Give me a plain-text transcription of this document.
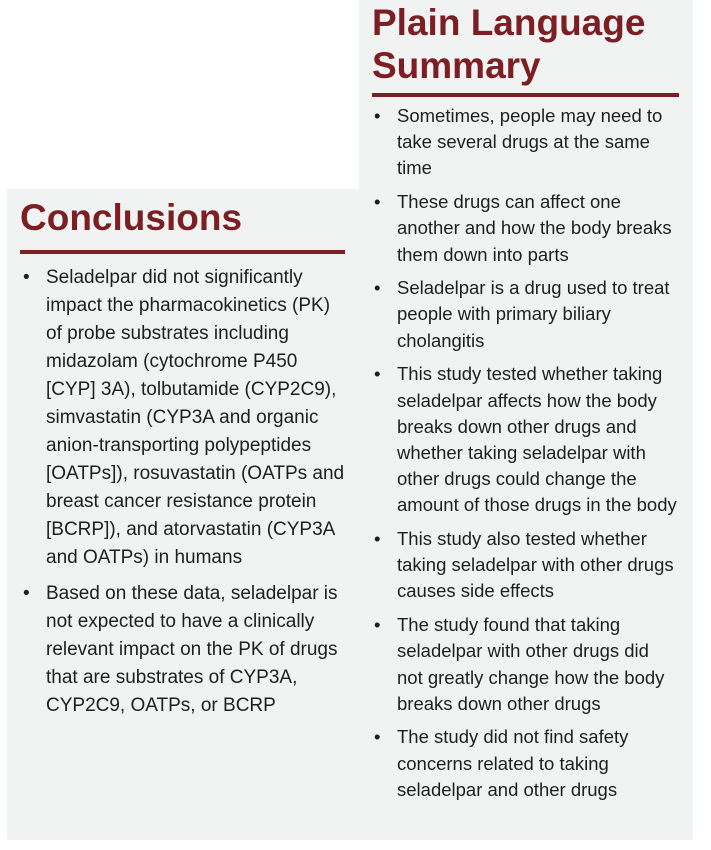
Conclusions
• Seladelpar did not significantly impact the pharmacokinetics (PK) of probe substrates including midazolam (cytochrome P450 [CYP] 3A), tolbutamide (CYP2C9), simvastatin (CYP3A and organic anion-transporting polypeptides [OATPs]), rosuvastatin (OATPs and breast cancer resistance protein [BCRP]), and atorvastatin (CYP3A and OATPs) in humans
• Based on these data, seladelpar is not expected to have a clinically relevant impact on the PK of drugs that are substrates of CYP3A, CYP2C9, OATPs, or BCRP
Plain Language
Summary
• Sometimes, people may need to take several drugs at the same time
• These drugs can affect one another and how the body breaks them down into parts
• Seladelpar is a drug used to treat people with primary biliary cholangitis
• This study tested whether taking seladelpar affects how the body breaks down other drugs and whether taking seladelpar with other drugs could change the amount of those drugs in the body
• This study also tested whether taking seladelpar with other drugs causes side effects
• The study found that taking seladelpar with other drugs did not greatly change how the body breaks down other drugs
• The study did not find safety concerns related to taking seladelpar and other drugs
